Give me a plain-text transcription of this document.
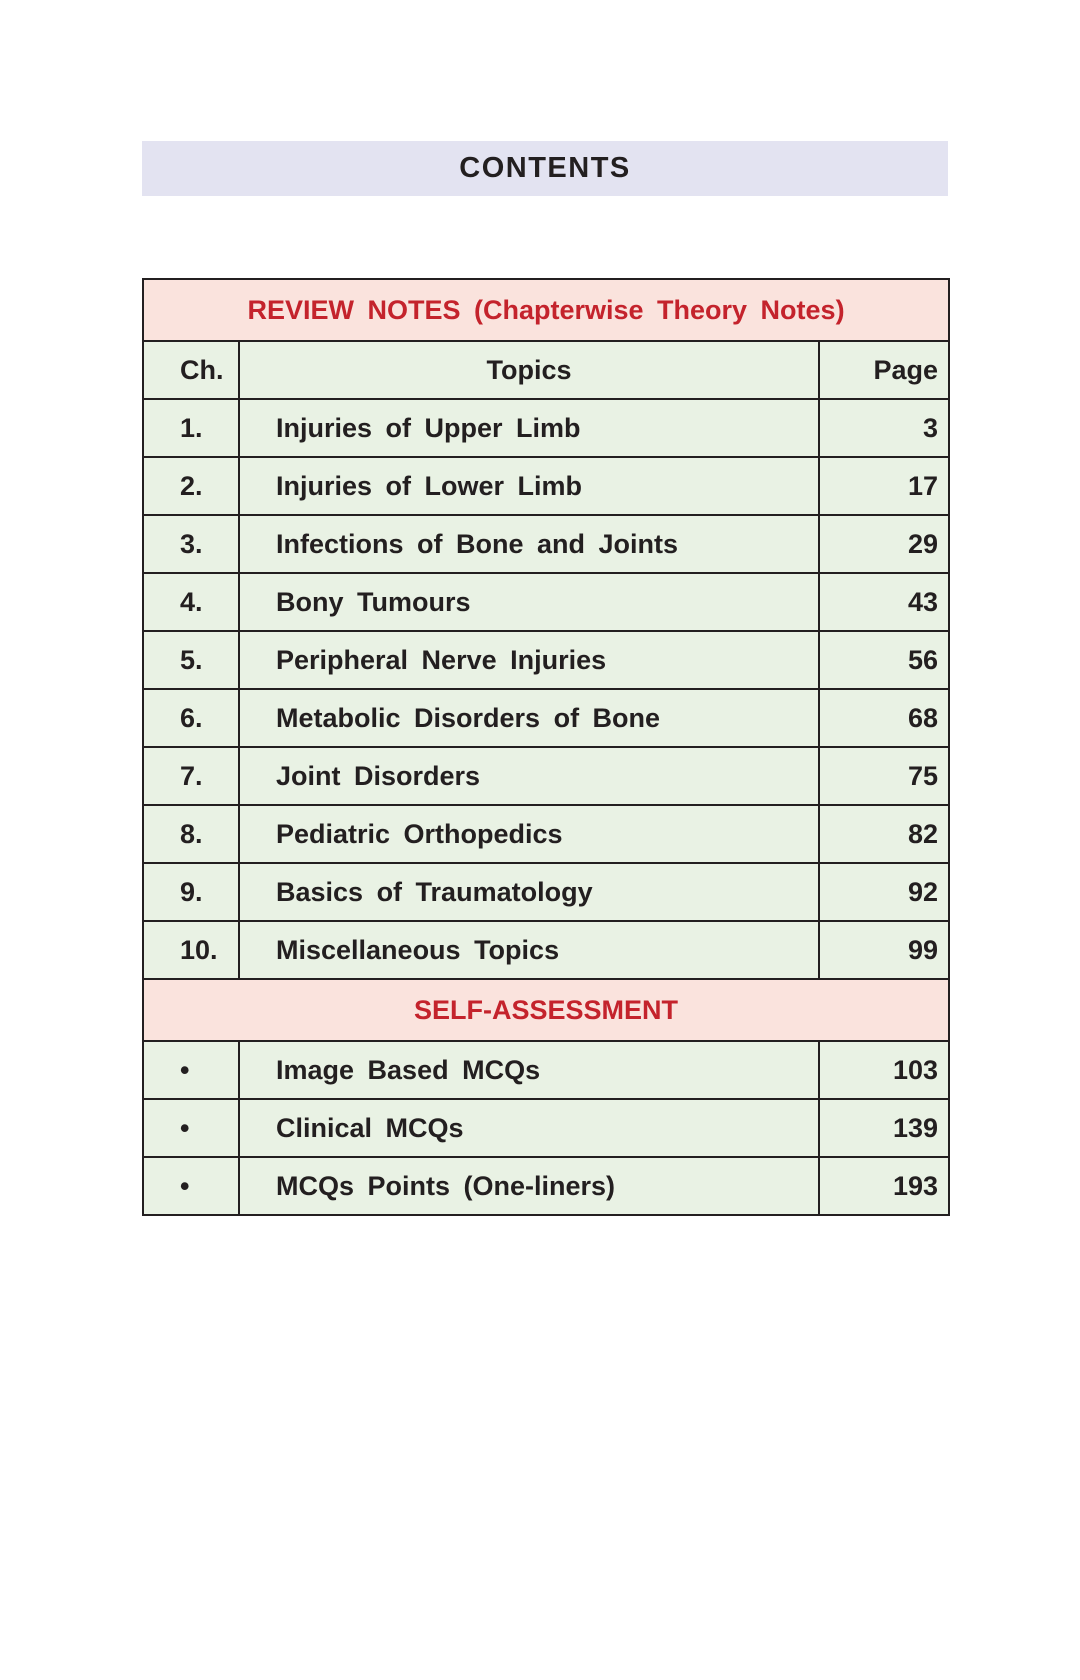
CONTENTS
REVIEW NOTES (Chapterwise Theory Notes)		
Ch.	Topics	Page
1.	Injuries of Upper Limb	3
2.	Injuries of Lower Limb	17
3.	Infections of Bone and Joints	29
4.	Bony Tumours	43
5.	Peripheral Nerve Injuries	56
6.	Metabolic Disorders of Bone	68
7.	Joint Disorders	75
8.	Pediatric Orthopedics	82
9.	Basics of Traumatology	92
10.	Miscellaneous Topics	99
SELF-ASSESSMENT		
•	Image Based MCQs	103
•	Clinical MCQs	139
•	MCQs Points (One-liners)	193
